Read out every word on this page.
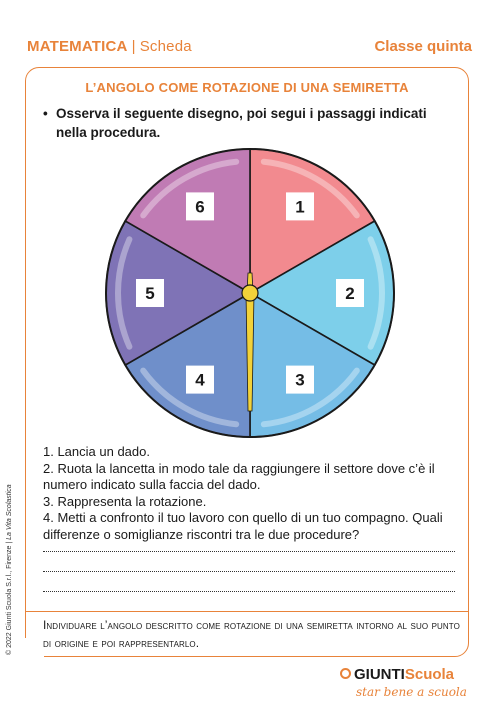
MATEMATICA | Scheda	Classe quinta
L’ANGOLO COME ROTAZIONE DI UNA SEMIRETTA
• Osserva il seguente disegno, poi segui i passaggi indicati nella procedura.
1
2
3
4
5
6
1. Lancia un dado.
2. Ruota la lancetta in modo tale da raggiungere il settore dove c’è il numero indicato sulla faccia del dado.
3. Rappresenta la rotazione.
4. Metti a confronto il tuo lavoro con quello di un tuo compagno. Quali differenze o somiglianze riscontri tra le due procedure?
Individuare l’angolo descritto come rotazione di una semiretta intorno al suo punto di origine e poi rappresentarlo.
© 2022 Giunti Scuola S.r.l., Firenze | La Vita Scolastica
GIUNTIScuola
star bene a scuola
